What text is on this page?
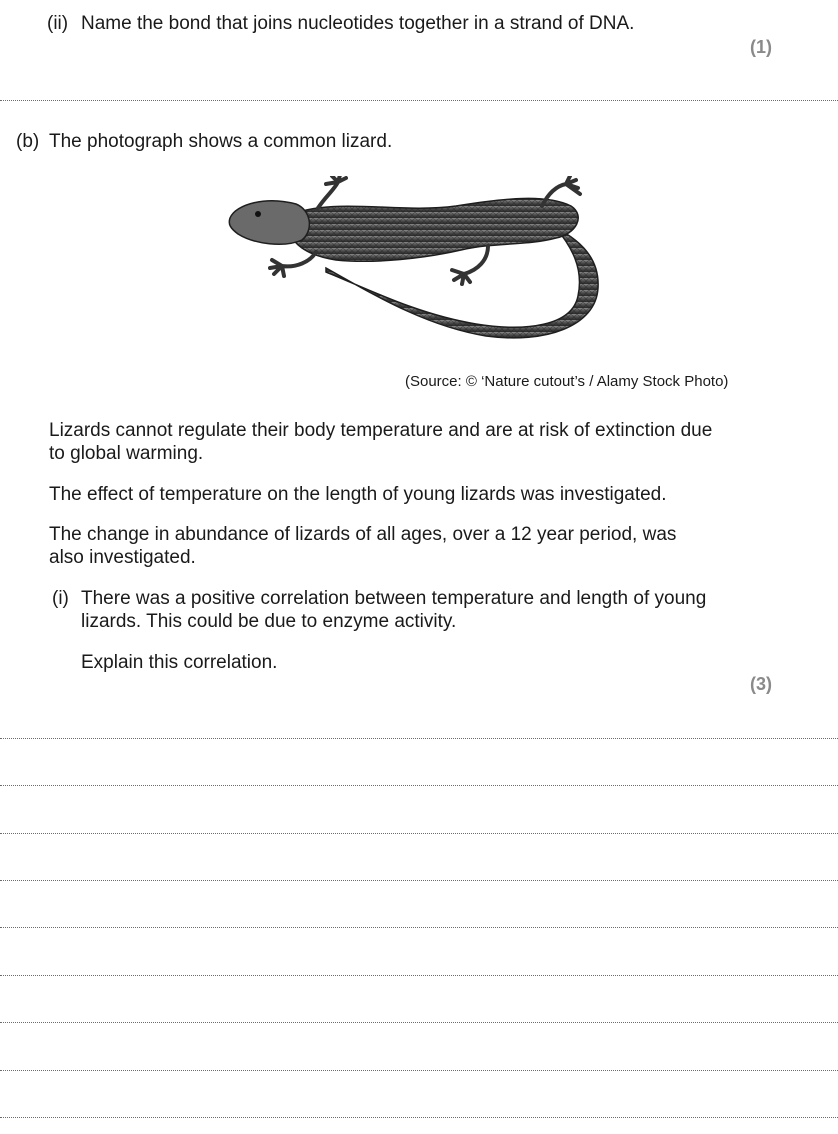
(ii) Name the bond that joins nucleotides together in a strand of DNA.
(1)
(b) The photograph shows a common lizard.
(Source: © ‘Nature cutout’s / Alamy Stock Photo)
Lizards cannot regulate their body temperature and are at risk of extinction due
to global warming.
The effect of temperature on the length of young lizards was investigated.
The change in abundance of lizards of all ages, over a 12 year period, was
also investigated.
(i) There was a positive correlation between temperature and length of young
lizards. This could be due to enzyme activity.
Explain this correlation.
(3)
